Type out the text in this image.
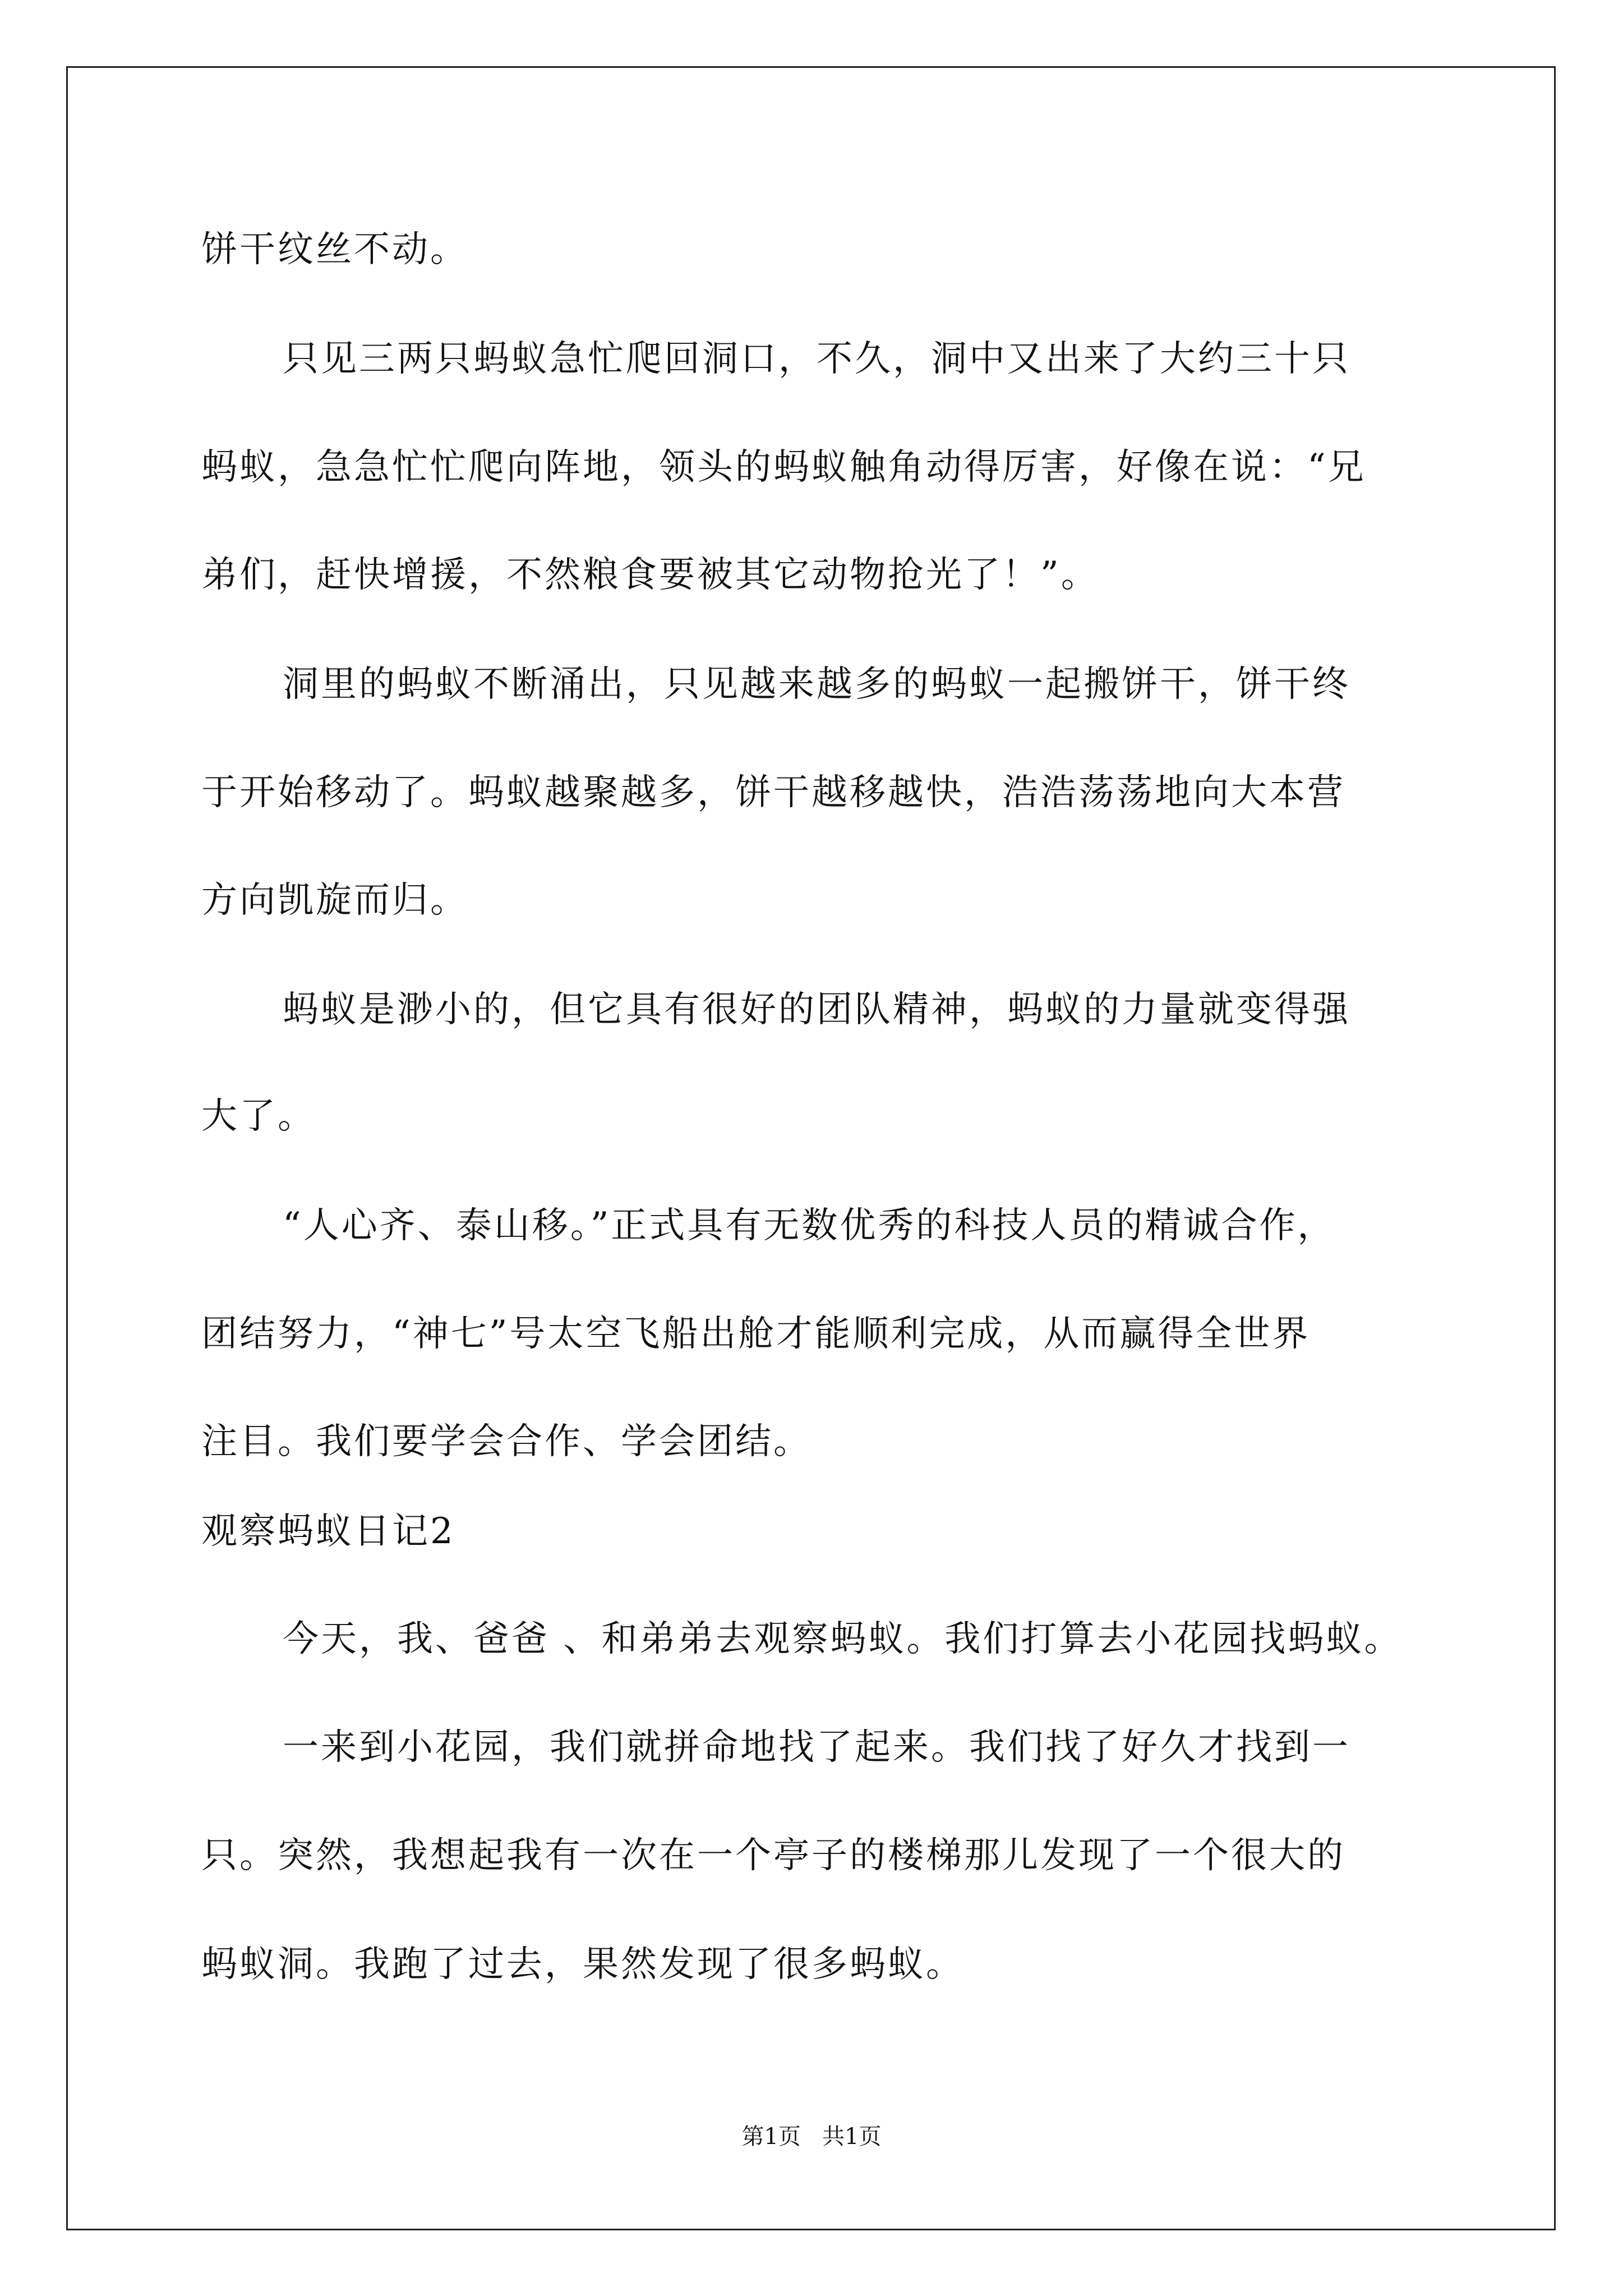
饼干纹丝不动。
只见三两只蚂蚁急忙爬回洞口，不久，洞中又出来了大约三十只
蚂蚁，急急忙忙爬向阵地，领头的蚂蚁触角动得厉害，好像在说：“兄
弟们，赶快增援，不然粮食要被其它动物抢光了！”。
洞里的蚂蚁不断涌出，只见越来越多的蚂蚁一起搬饼干，饼干终
于开始移动了。蚂蚁越聚越多，饼干越移越快，浩浩荡荡地向大本营
方向凯旋而归。
蚂蚁是渺小的，但它具有很好的团队精神，蚂蚁的力量就变得强
大了。
“人心齐、泰山移。”正式具有无数优秀的科技人员的精诚合作，
团结努力，“神七”号太空飞船出舱才能顺利完成，从而赢得全世界
注目。我们要学会合作、学会团结。
观察蚂蚁日记2
今天，我、爸爸 、和弟弟去观察蚂蚁。我们打算去小花园找蚂蚁。
一来到小花园，我们就拼命地找了起来。我们找了好久才找到一
只。突然，我想起我有一次在一个亭子的楼梯那儿发现了一个很大的
蚂蚁洞。我跑了过去，果然发现了很多蚂蚁。
第1页   共1页
